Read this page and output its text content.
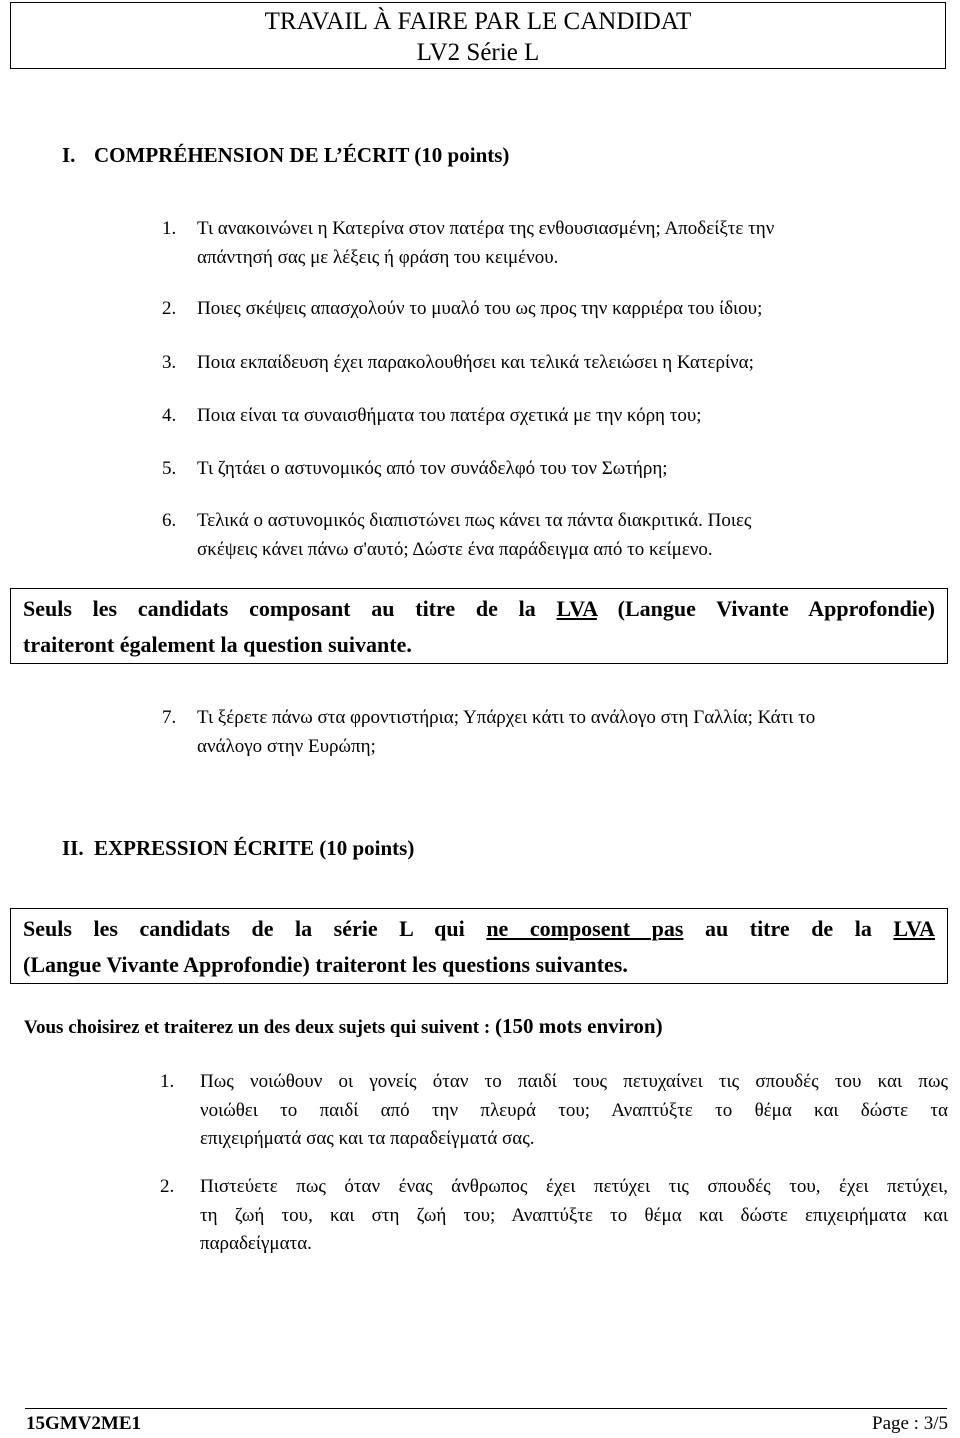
TRAVAIL À FAIRE PAR LE CANDIDAT
LV2 Série L
I. COMPRÉHENSION DE L’ÉCRIT (10 points)
1.	Τι ανακοινώνει η Κατερίνα στον πατέρα της ενθουσιασμένη; Αποδείξτε την
απάντησή σας με λέξεις ή φράση του κειμένου.
2.	Ποιες σκέψεις απασχολούν το μυαλό του ως προς την καρριέρα του ίδιου;
3.	Ποια εκπαίδευση έχει παρακολουθήσει και τελικά τελειώσει η Κατερίνα;
4.	Ποια είναι τα συναισθήματα του πατέρα σχετικά με την κόρη του;
5.	Τι ζητάει ο αστυνομικός από τον συνάδελφό του τον Σωτήρη;
6.	Τελικά ο αστυνομικός διαπιστώνει πως κάνει τα πάντα διακριτικά. Ποιες
σκέψεις κάνει πάνω σ'αυτό; Δώστε ένα παράδειγμα από το κείμενο.
Seuls les candidats composant au titre de la LVA (Langue Vivante Approfondie)
traiteront également la question suivante.
7.	Τι ξέρετε πάνω στα φροντιστήρια; Υπάρχει κάτι το ανάλογο στη Γαλλία; Κάτι το
ανάλογο στην Ευρώπη;
II. EXPRESSION ÉCRITE (10 points)
Seuls les candidats de la série L qui ne composent pas au titre de la LVA
(Langue Vivante Approfondie) traiteront les questions suivantes.
Vous choisirez et traiterez un des deux sujets qui suivent : (150 mots environ)
1. Πως νοιώθουν οι γονείς όταν το παιδί τους πετυχαίνει τις σπουδές του και πως
νοιώθει το παιδί από την πλευρά του; Αναπτύξτε το θέμα και δώστε τα
επιχειρήματά σας και τα παραδείγματά σας.
2. Πιστεύετε πως όταν ένας άνθρωπος έχει πετύχει τις σπουδές του, έχει πετύχει,
τη ζωή του, και στη ζωή του; Αναπτύξτε το θέμα και δώστε επιχειρήματα και
παραδείγματα.
15GMV2ME1	Page : 3/5
